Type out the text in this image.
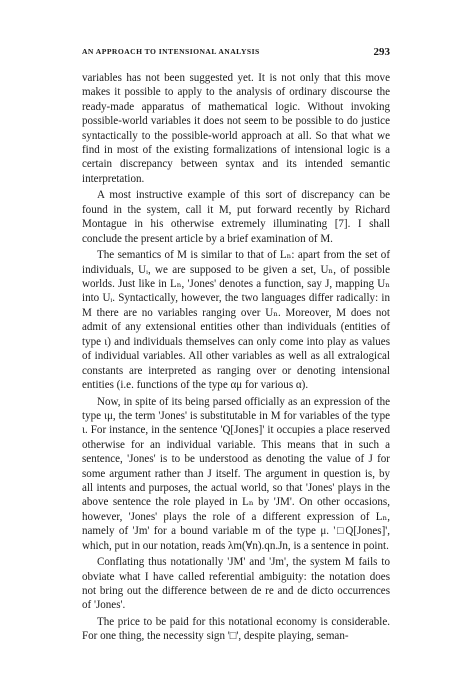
AN APPROACH TO INTENSIONAL ANALYSIS	293

variables has not been suggested yet. It is not only that this move makes it possible to apply to the analysis of ordinary discourse the ready-made apparatus of mathematical logic. Without invoking possible-world variables it does not seem to be possible to do justice syntactically to the possible-world approach at all. So that what we find in most of the existing formalizations of intensional logic is a certain discrepancy between syntax and its intended semantic interpretation.

A most instructive example of this sort of discrepancy can be found in the system, call it M, put forward recently by Richard Montague in his otherwise extremely illuminating [7]. I shall conclude the present article by a brief examination of M.

The semantics of M is similar to that of Lₙ: apart from the set of individuals, Uᵢ, we are supposed to be given a set, Uₙ, of possible worlds. Just like in Lₙ, 'Jones' denotes a function, say J, mapping Uₙ into Uᵢ. Syntactically, however, the two languages differ radically: in M there are no variables ranging over Uₙ. Moreover, M does not admit of any extensional entities other than individuals (entities of type ι) and individuals themselves can only come into play as values of individual variables. All other variables as well as all extralogical constants are interpreted as ranging over or denoting intensional entities (i.e. functions of the type αμ for various α).

Now, in spite of its being parsed officially as an expression of the type ιμ, the term 'Jones' is substitutable in M for variables of the type ι. For instance, in the sentence 'Q[Jones]' it occupies a place reserved otherwise for an individual variable. This means that in such a sentence, 'Jones' is to be understood as denoting the value of J for some argument rather than J itself. The argument in question is, by all intents and purposes, the actual world, so that 'Jones' plays in the above sentence the role played in Lₙ by 'JM'. On other occasions, however, 'Jones' plays the role of a different expression of Lₙ, namely of 'Jm' for a bound variable m of the type μ. '□Q[Jones]', which, put in our notation, reads λm(∀n).qn.Jn, is a sentence in point.

Conflating thus notationally 'JM' and 'Jm', the system M fails to obviate what I have called referential ambiguity: the notation does not bring out the difference between de re and de dicto occurrences of 'Jones'.

The price to be paid for this notational economy is considerable. For one thing, the necessity sign '□', despite playing, seman-
